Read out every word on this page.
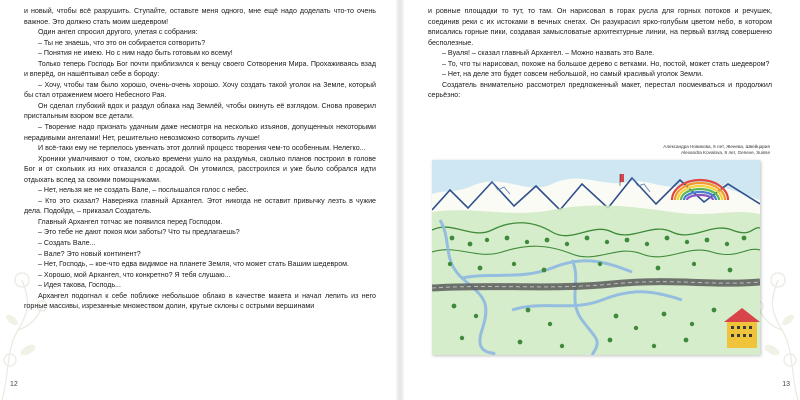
и новый, чтобы всё разрушить. Ступайте, оставьте меня одного, мне ещё надо доделать что-то очень важное. Это должно стать моим шедевром!

Один ангел спросил другого, улетая с собрания:

– Ты не знаешь, что это он собирается сотворить?

– Понятия не имею. Но с ним надо быть готовым ко всему!

Только теперь Господь Бог почти приблизился к венцу своего Сотворения Мира. Прохаживаясь взад и вперёд, он нашёптывал себе в бороду:

– Хочу, чтобы там было хорошо, очень-очень хорошо. Хочу создать такой уголок на Земле, который бы стал отражением моего Небесного Рая.

Он сделал глубокий вдох и раздул облака над Землёй, чтобы окинуть её взглядом. Снова проверил пристальным взором все детали.

– Творение надо признать удачным даже несмотря на несколько изъянов, допущенных некоторыми нерадивыми ангелами! Нет, решительно невозможно сотворить лучше!

И всё-таки ему не терпелось увенчать этот долгий процесс творения чем-то особенным. Нелегко...

Хроники умалчивают о том, сколько времени ушло на раздумья, сколько планов построил в голове Бог и от скольких из них отказался с досадой. Он утомился, расстроился и уже было собрался идти отдыхать вслед за своими помощниками.

– Нет, нельзя же не создать Вале, – послышался голос с небес.

– Кто это сказал? Наверняка главный Архангел. Этот никогда не оставит привычку лезть в чужие дела. Подойди, – приказал Создатель.

Главный Архангел тотчас же появился перед Господом.

– Это тебе не дают покоя мои заботы? Что ты предлагаешь?

– Создать Вале...

– Вале? Это новый континент?

– Нет, Господь, – кое-что едва видимое на планете Земля, что может стать Вашим шедевром.

– Хорошо, мой Архангел, что конкретно? Я тебя слушаю...

– Идея такова, Господь...

Архангел подогнал к себе поближе небольшое облако в качестве макета и начал лепить из него горные массивы, изрезанные множеством долин, крутые склоны с острыми вершинами

12

и ровные площадки то тут, то там. Он нарисовал в горах русла для горных потоков и речушек, соединив реки с их истоками в вечных снегах. Он разукрасил ярко-голубым цветом небо, в котором вписались горные пики, создавая замысловатые архитектурные линии, на первый взгляд совершенно бесполезные.

– Вуаля! – сказал главный Архангел. – Можно назвать это Вале.

– То, что ты нарисовал, похоже на большое дерево с ветками. Но, постой, может стать шедевром?

– Нет, на деле это будет совсем небольшой, но самый красивый уголок Земли.

Создатель внимательно рассмотрел предложенный макет, перестал посмеиваться и продолжил серьёзно:

Александра Новикова, 8 лет, Женева, Швейцария
Alexandra Kovalova, 8 лет, Geneve, Suisse
13
